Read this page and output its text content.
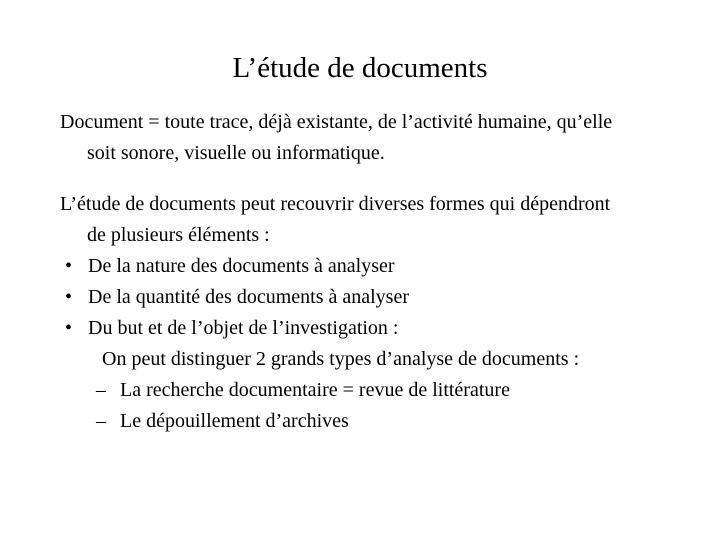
L’étude de documents
Document = toute trace, déjà existante, de l’activité humaine, qu’elle
soit sonore, visuelle ou informatique.
L’étude de documents peut recouvrir diverses formes qui dépendront
de plusieurs éléments :
• De la nature des documents à analyser
• De la quantité des documents à analyser
• Du but et de l’objet de l’investigation :
On peut distinguer 2 grands types d’analyse de documents :
– La recherche documentaire = revue de littérature
– Le dépouillement d’archives
